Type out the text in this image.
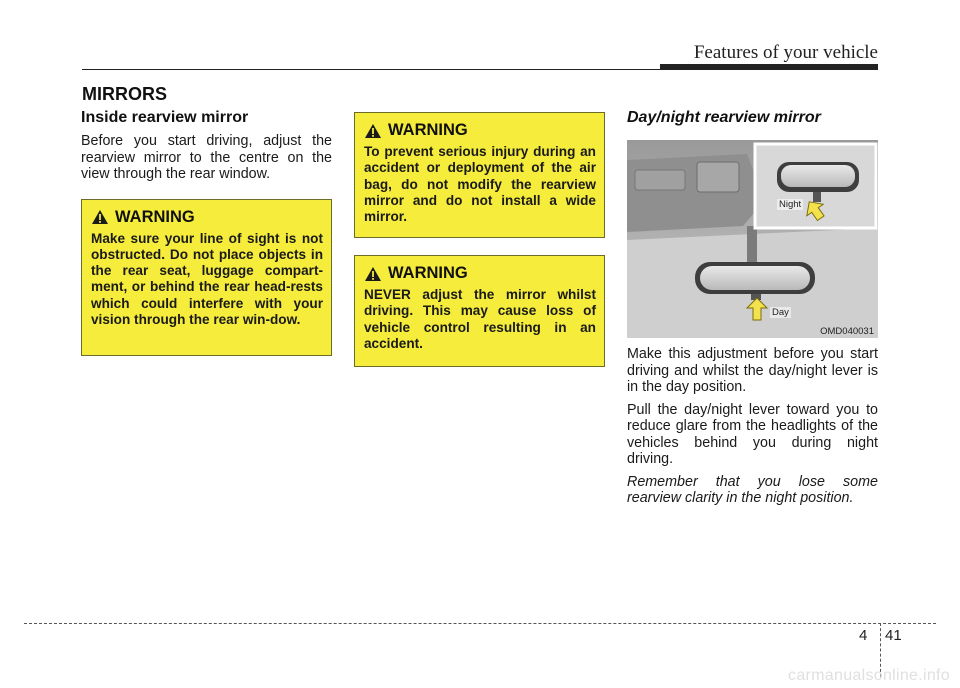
Features of your vehicle
MIRRORS
Inside rearview mirror

Before you start driving, adjust the rearview mirror to the centre on the view through the rear window.

WARNING

Make sure your line of sight is not obstructed. Do not place objects in the rear seat, luggage compart-ment, or behind the rear head-rests which could interfere with your vision through the rear win-dow.

WARNING

To prevent serious injury during an accident or deployment of the air bag, do not modify the rearview mirror and do not install a wide mirror.

WARNING

NEVER adjust the mirror whilst driving. This may cause loss of vehicle control resulting in an accident.

Day/night rearview mirror
Night
Day
OMD040031

Make this adjustment before you start driving and whilst the day/night lever is in the day position.

Pull the day/night lever toward you to reduce glare from the headlights of the vehicles behind you during night driving.

Remember that you lose some rearview clarity in the night position.

4 41
carmanualsonline.info
